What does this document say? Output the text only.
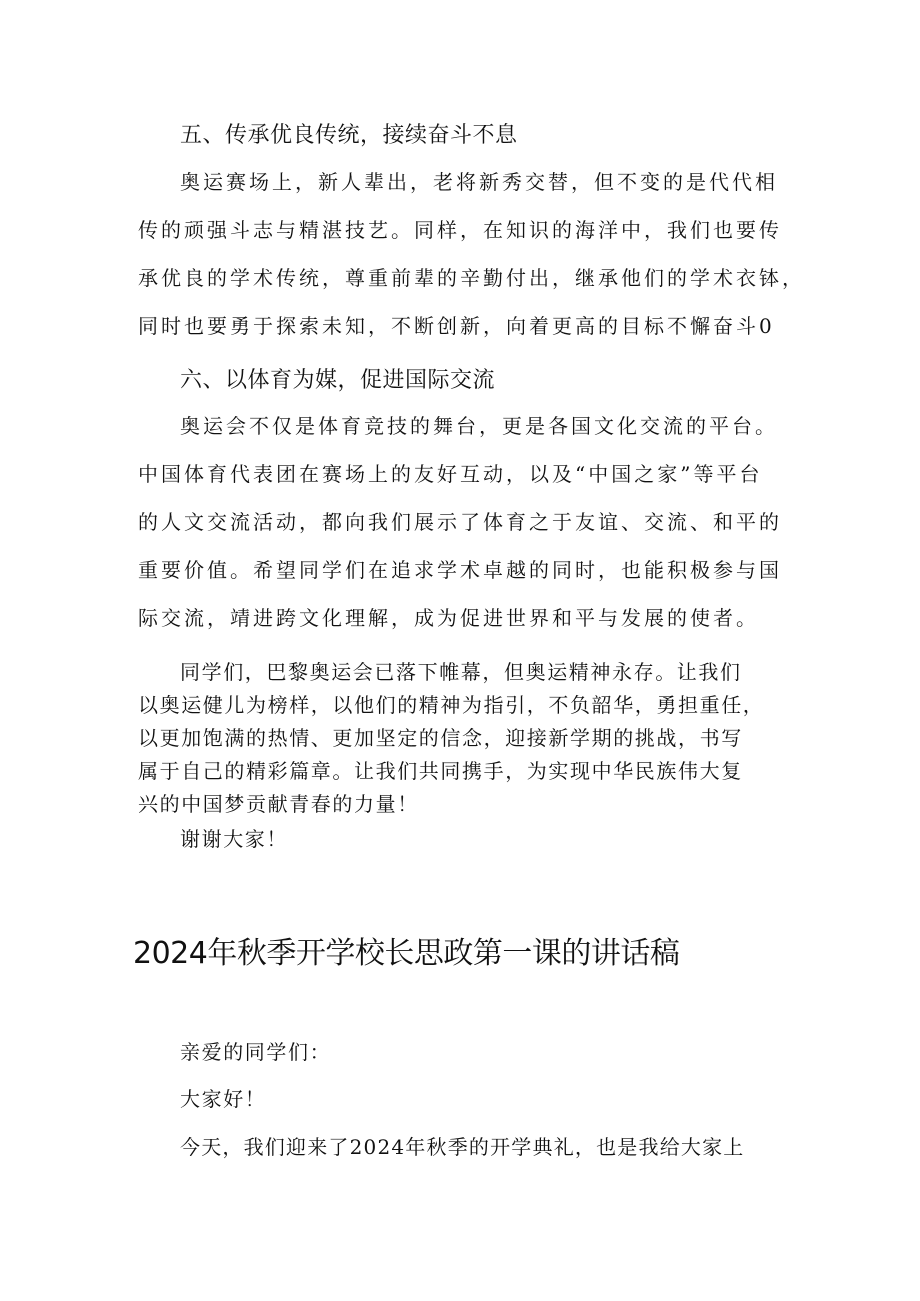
五、传承优良传统，接续奋斗不息
奥运赛场上，新人辈出，老将新秀交替，但不变的是代代相
传的顽强斗志与精湛技艺。同样，在知识的海洋中，我们也要传
承优良的学术传统，尊重前辈的辛勤付出，继承他们的学术衣钵，
同时也要勇于探索未知，不断创新，向着更高的目标不懈奋斗0
六、以体育为媒，促进国际交流
奥运会不仅是体育竞技的舞台，更是各国文化交流的平台。
中国体育代表团在赛场上的友好互动，以及“中国之家”等平台
的人文交流活动，都向我们展示了体育之于友谊、交流、和平的
重要价值。希望同学们在追求学术卓越的同时，也能积极参与国
际交流，靖进跨文化理解，成为促进世界和平与发展的使者。
同学们，巴黎奥运会已落下帷幕，但奥运精神永存。让我们
以奥运健儿为榜样，以他们的精神为指引，不负韶华，勇担重任，
以更加饱满的热情、更加坚定的信念，迎接新学期的挑战，书写
属于自己的精彩篇章。让我们共同携手，为实现中华民族伟大复
兴的中国梦贡献青春的力量！
谢谢大家！
2024年秋季开学校长思政第一课的讲话稿
亲爱的同学们：
大家好！
今天，我们迎来了2024年秋季的开学典礼，也是我给大家上
